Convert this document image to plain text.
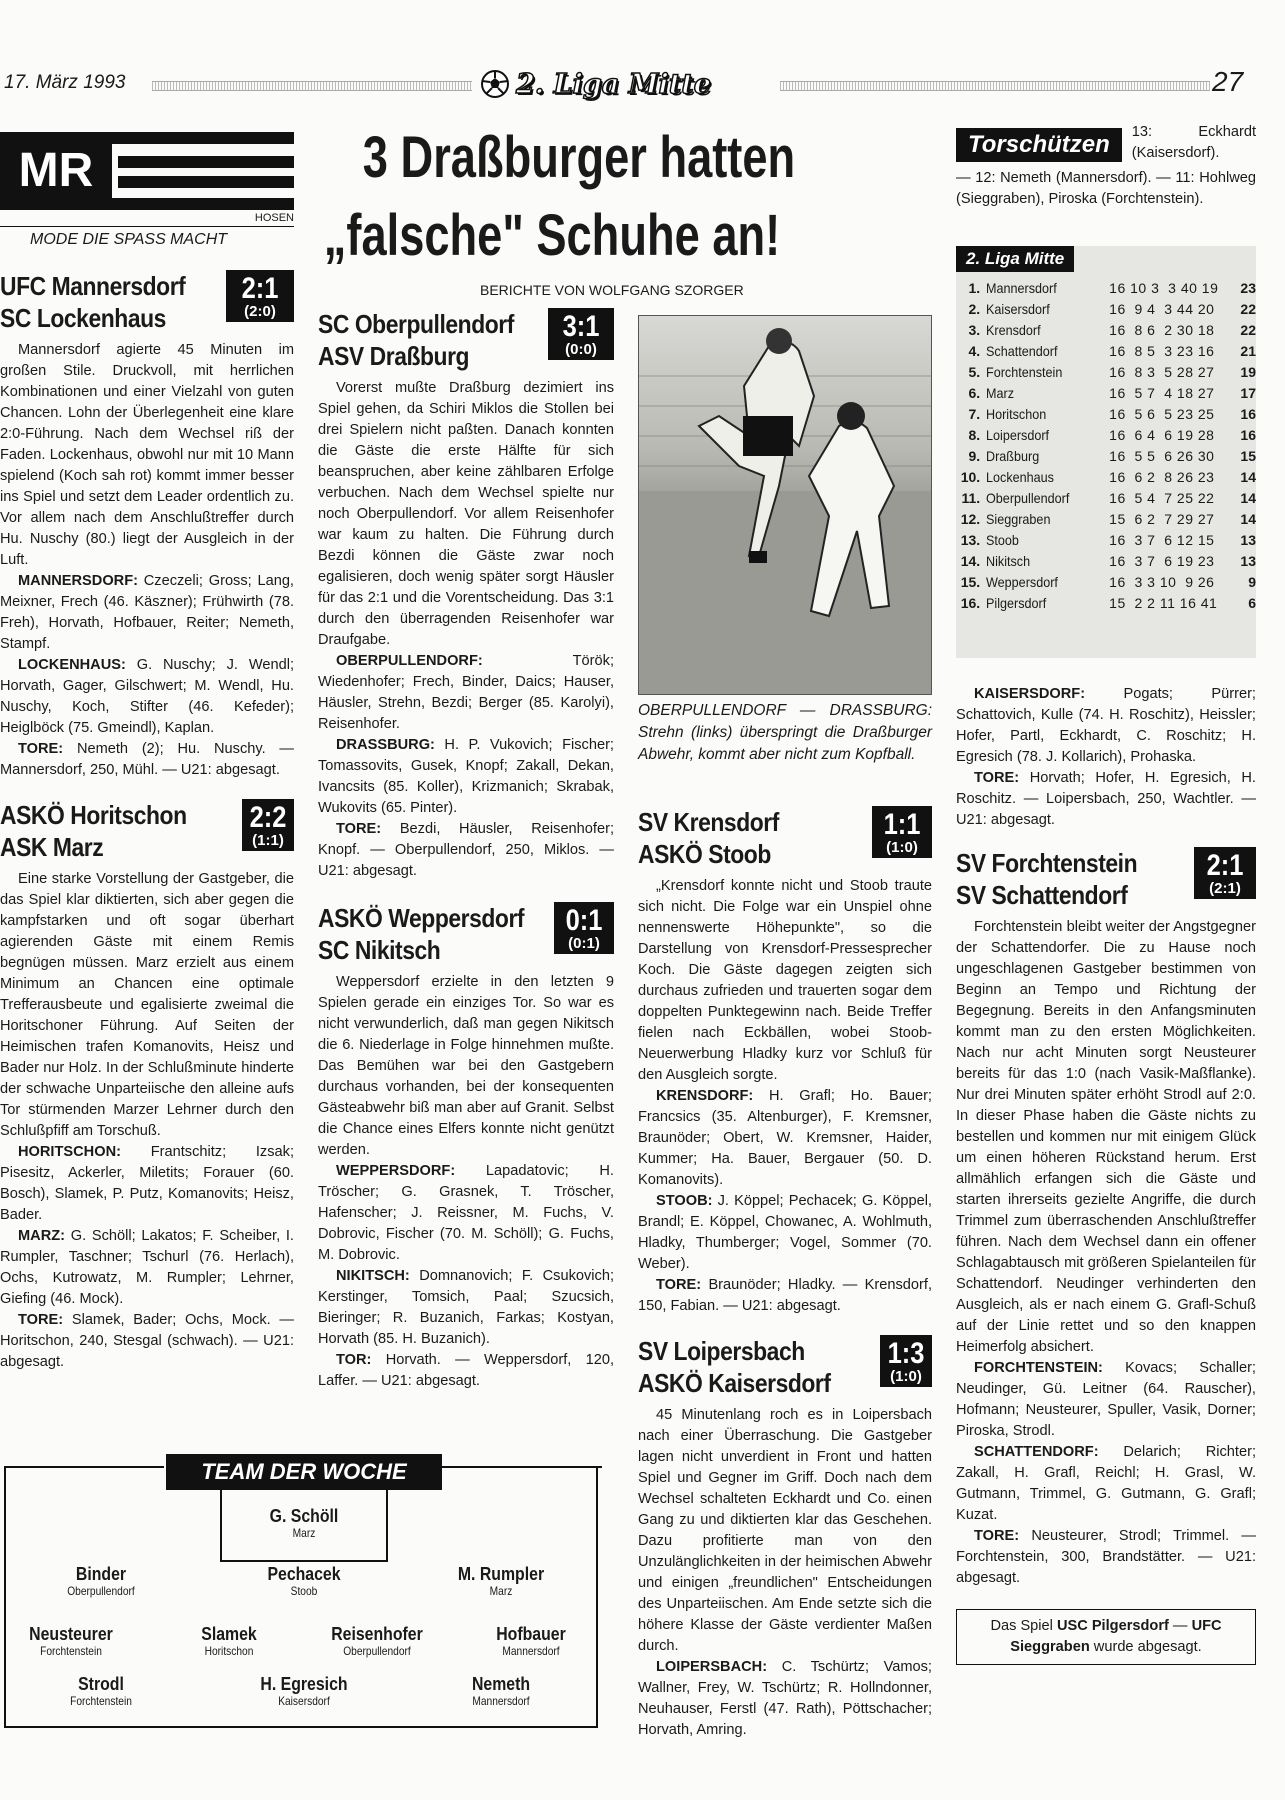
17. März 1993	2. Liga Mitte	27
MR
HOSEN
MODE DIE SPASS MACHT
3 Draßburger hatten
„falsche" Schuhe an!
BERICHTE VON WOLFGANG SZORGER
UFC Mannersdorf
SC Lockenhaus
2:1
(2:0)

Mannersdorf agierte 45 Minuten im großen Stile. Druckvoll, mit herrlichen Kombinationen und einer Vielzahl von guten Chancen. Lohn der Überlegenheit eine klare 2:0-Führung. Nach dem Wechsel riß der Faden. Lockenhaus, obwohl nur mit 10 Mann spielend (Koch sah rot) kommt immer besser ins Spiel und setzt dem Leader ordentlich zu. Vor allem nach dem Anschlußtreffer durch Hu. Nuschy (80.) liegt der Ausgleich in der Luft.

MANNERSDORF: Czeczeli; Gross; Lang, Meixner, Frech (46. Käszner); Frühwirth (78. Freh), Horvath, Hofbauer, Reiter; Nemeth, Stampf.

LOCKENHAUS: G. Nuschy; J. Wendl; Horvath, Gager, Gilschwert; M. Wendl, Hu. Nuschy, Koch, Stifter (46. Kefeder); Heiglböck (75. Gmeindl), Kaplan.

TORE: Nemeth (2); Hu. Nuschy. — Mannersdorf, 250, Mühl. — U21: abgesagt.

ASKÖ Horitschon
ASK Marz
2:2
(1:1)

Eine starke Vorstellung der Gastgeber, die das Spiel klar diktierten, sich aber gegen die kampfstarken und oft sogar überhart agierenden Gäste mit einem Remis begnügen müssen. Marz erzielt aus einem Minimum an Chancen eine optimale Trefferausbeute und egalisierte zweimal die Horitschoner Führung. Auf Seiten der Heimischen trafen Komanovits, Heisz und Bader nur Holz. In der Schlußminute hinderte der schwache Unparteiische den alleine aufs Tor stürmenden Marzer Lehrner durch den Schlußpfiff am Torschuß.

HORITSCHON: Frantschitz; Izsak; Pisesitz, Ackerler, Miletits; Forauer (60. Bosch), Slamek, P. Putz, Komanovits; Heisz, Bader.

MARZ: G. Schöll; Lakatos; F. Scheiber, I. Rumpler, Taschner; Tschurl (76. Herlach), Ochs, Kutrowatz, M. Rumpler; Lehrner, Giefing (46. Mock).

TORE: Slamek, Bader; Ochs, Mock. — Horitschon, 240, Stesgal (schwach). — U21: abgesagt.

SC Oberpullendorf
ASV Draßburg
3:1
(0:0)

Vorerst mußte Draßburg dezimiert ins Spiel gehen, da Schiri Miklos die Stollen bei drei Spielern nicht paßten. Danach konnten die Gäste die erste Hälfte für sich beanspruchen, aber keine zählbaren Erfolge verbuchen. Nach dem Wechsel spielte nur noch Oberpullendorf. Vor allem Reisenhofer war kaum zu halten. Die Führung durch Bezdi können die Gäste zwar noch egalisieren, doch wenig später sorgt Häusler für das 2:1 und die Vorentscheidung. Das 3:1 durch den überragenden Reisenhofer war Draufgabe.

OBERPULLENDORF:	Török; Wiedenhofer; Frech, Binder, Daics; Hauser, Häusler, Strehn, Bezdi; Berger (85. Karolyi), Reisenhofer.

DRASSBURG: H. P. Vukovich; Fischer; Tomassovits, Gusek, Knopf; Zakall, Dekan, Ivancsits (85. Koller), Krizmanich; Skrabak, Wukovits (65. Pinter).

TORE: Bezdi, Häusler, Reisenhofer; Knopf. — Oberpullendorf, 250, Miklos. — U21: abgesagt.

ASKÖ Weppersdorf
SC Nikitsch
0:1
(0:1)

Weppersdorf erzielte in den letzten 9 Spielen gerade ein einziges Tor. So war es nicht verwunderlich, daß man gegen Nikitsch die 6. Niederlage in Folge hinnehmen mußte. Das Bemühen war bei den Gastgebern durchaus vorhanden, bei der konsequenten Gästeabwehr biß man aber auf Granit. Selbst die Chance eines Elfers konnte nicht genützt werden.

WEPPERSDORF: Lapadatovic; H. Tröscher; G. Grasnek, T. Tröscher, Hafenscher; J. Reissner, M. Fuchs, V. Dobrovic, Fischer (70. M. Schöll); G. Fuchs, M. Dobrovic.

NIKITSCH: Domnanovich; F. Csukovich; Kerstinger, Tomsich, Paal; Szucsich, Bieringer; R. Buzanich, Farkas; Kostyan, Horvath (85. H. Buzanich).

TOR: Horvath. — Weppersdorf, 120, Laffer. — U21: abgesagt.

OBERPULLENDORF — DRASSBURG: Strehn (links) überspringt die Draßburger Abwehr, kommt aber nicht zum Kopfball.
SV Krensdorf
ASKÖ Stoob
1:1
(1:0)

„Krensdorf konnte nicht und Stoob traute sich nicht. Die Folge war ein Unspiel ohne nennenswerte Höhepunkte", so die Darstellung von Krensdorf-Pressesprecher Koch. Die Gäste dagegen zeigten sich durchaus zufrieden und trauerten sogar dem doppelten Punktegewinn nach. Beide Treffer fielen nach Eckbällen, wobei Stoob-Neuerwerbung Hladky kurz vor Schluß für den Ausgleich sorgte.

KRENSDORF: H. Grafl; Ho. Bauer; Francsics (35. Altenburger), F. Kremsner, Braunöder; Obert, W. Kremsner, Haider, Kummer; Ha. Bauer, Bergauer (50. D. Komanovits).

STOOB: J. Köppel; Pechacek; G. Köppel, Brandl; E. Köppel, Chowanec, A. Wohlmuth, Hladky, Thumberger; Vogel, Sommer (70. Weber).

TORE: Braunöder; Hladky. — Krensdorf, 150, Fabian. — U21: abgesagt.

SV Loipersbach
ASKÖ Kaisersdorf
1:3
(1:0)

45 Minutenlang roch es in Loipersbach nach einer Überraschung. Die Gastgeber lagen nicht unverdient in Front und hatten Spiel und Gegner im Griff. Doch nach dem Wechsel schalteten Eckhardt und Co. einen Gang zu und diktierten klar das Geschehen. Dazu profitierte man von den Unzulänglichkeiten in der heimischen Abwehr und einigen „freundlichen" Entscheidungen des Unparteiischen. Am Ende setzte sich die höhere Klasse der Gäste verdienter Maßen durch.

LOIPERSBACH: C. Tschürtz; Vamos; Wallner, Frey, W. Tschürtz; R. Hollndonner, Neuhauser, Ferstl (47. Rath), Pöttschacher; Horvath, Amring.

Torschützen	13: Eckhardt (Kaisersdorf).
— 12: Nemeth (Mannersdorf). — 11: Hohlweg (Sieggraben), Piroska (Forchtenstein).
2. Liga Mitte
1. Mannersdorf	16 10 3  3 40 19	23
2. Kaisersdorf	16  9 4  3 44 20	22
3. Krensdorf	16  8 6  2 30 18	22
4. Schattendorf	16  8 5  3 23 16	21
5. Forchtenstein	16  8 3  5 28 27	19
6. Marz	16  5 7  4 18 27	17
7. Horitschon	16  5 6  5 23 25	16
8. Loipersdorf	16  6 4  6 19 28	16
9. Draßburg	16  5 5  6 26 30	15
10. Lockenhaus	16  6 2  8 26 23	14
11. Oberpullendorf	16  5 4  7 25 22	14
12. Sieggraben	15  6 2  7 29 27	14
13. Stoob	16  3 7  6 12 15	13
14. Nikitsch	16  3 7  6 19 23	13
15. Weppersdorf	16  3 3 10  9 26	9
16. Pilgersdorf	15  2 2 11 16 41	6

KAISERSDORF:	Pogats; Pürrer; Schattovich, Kulle (74. H. Roschitz), Heissler; Hofer, Partl, Eckhardt, C. Roschitz; H. Egresich (78. J. Kollarich), Prohaska.

TORE: Horvath; Hofer, H. Egresich, H. Roschitz. — Loipersbach, 250, Wachtler. — U21: abgesagt.

SV Forchtenstein
SV Schattendorf
2:1
(2:1)

Forchtenstein bleibt weiter der Angstgegner der Schattendorfer. Die zu Hause noch ungeschlagenen Gastgeber bestimmen von Beginn an Tempo und Richtung der Begegnung. Bereits in den Anfangsminuten kommt man zu den ersten Möglichkeiten. Nach nur acht Minuten sorgt Neusteurer bereits für das 1:0 (nach Vasik-Maßflanke). Nur drei Minuten später erhöht Strodl auf 2:0. In dieser Phase haben die Gäste nichts zu bestellen und kommen nur mit einigem Glück um einen höheren Rückstand herum. Erst allmählich erfangen sich die Gäste und starten ihrerseits gezielte Angriffe, die durch Trimmel zum überraschenden Anschlußtreffer führen. Nach dem Wechsel dann ein offener Schlagabtausch mit größeren Spielanteilen für Schattendorf. Neudinger verhinderten den Ausgleich, als er nach einem G. Grafl-Schuß auf der Linie rettet und so den knappen Heimerfolg absichert.

FORCHTENSTEIN: Kovacs; Schaller; Neudinger, Gü. Leitner (64. Rauscher), Hofmann; Neusteurer, Spuller, Vasik, Dorner; Piroska, Strodl.

SCHATTENDORF: Delarich; Richter; Zakall, H. Grafl, Reichl; H. Grasl, W. Gutmann, Trimmel, G. Gutmann, G. Grafl; Kuzat.

TORE: Neusteurer, Strodl; Trimmel. — Forchtenstein, 300, Brandstätter. — U21: abgesagt.

Das Spiel USC Pilgersdorf — UFC Sieggraben wurde abgesagt.
TEAM DER WOCHE
G. Schöll
Marz
Binder
Oberpullendorf
Pechacek
Stoob
M. Rumpler
Marz
Neusteurer
Forchtenstein
Slamek
Horitschon
Reisenhofer
Oberpullendorf
Hofbauer
Mannersdorf
Strodl
Forchtenstein
H. Egresich
Kaisersdorf
Nemeth
Mannersdorf
